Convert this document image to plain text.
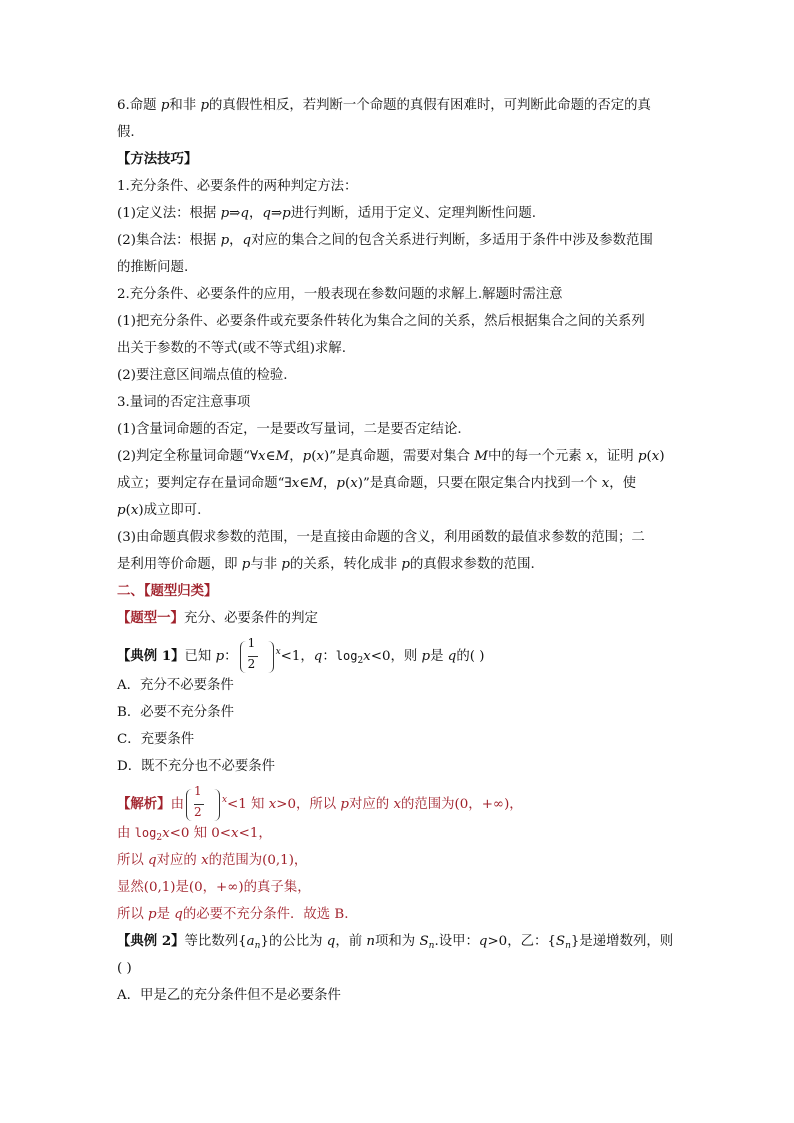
6.命题 p和非 p的真假性相反，若判断一个命题的真假有困难时，可判断此命题的否定的真
假.
【方法技巧】
1.充分条件、必要条件的两种判定方法：
(1)定义法：根据 p⇒q，q⇒p进行判断，适用于定义、定理判断性问题.
(2)集合法：根据 p，q对应的集合之间的包含关系进行判断，多适用于条件中涉及参数范围
的推断问题.
2.充分条件、必要条件的应用，一般表现在参数问题的求解上.解题时需注意
(1)把充分条件、必要条件或充要条件转化为集合之间的关系，然后根据集合之间的关系列
出关于参数的不等式(或不等式组)求解.
(2)要注意区间端点值的检验.
3.量词的否定注意事项
(1)含量词命题的否定，一是要改写量词，二是要否定结论.
(2)判定全称量词命题“∀x∈M，p(x)”是真命题，需要对集合 M中的每一个元素 x，证明 p(x)
成立；要判定存在量词命题“∃x∈M，p(x)”是真命题，只要在限定集合内找到一个 x，使
p(x)成立即可.
(3)由命题真假求参数的范围，一是直接由命题的含义，利用函数的最值求参数的范围；二
是利用等价命题，即 p与非 p的关系，转化成非 p的真假求参数的范围.
二、【题型归类】
【题型一】充分、必要条件的判定
【典例 1】已知 p： $\frac{1}{2} ^x<1$，q：$\log_2x<0$，则 p是 q的( )
A．充分不必要条件
B．必要不充分条件
C．充要条件
D．既不充分也不必要条件
【解析】由 $\frac{1}{2} ^x<1$ 知 x>0，所以 p对应的 x的范围为(0，+∞)，
由 $\log_2x<0$ 知 0<x<1，
所以 q对应的 x的范围为(0,1)，
显然(0,1)是(0，+∞)的真子集，
所以 p是 q的必要不充分条件．故选 B.
【典例 2】等比数列$\{a_n\}$的公比为 q，前 n项和为 $S_n$.设甲：q>0，乙：$\{S_n\}$是递增数列，则
( )
A．甲是乙的充分条件但不是必要条件
